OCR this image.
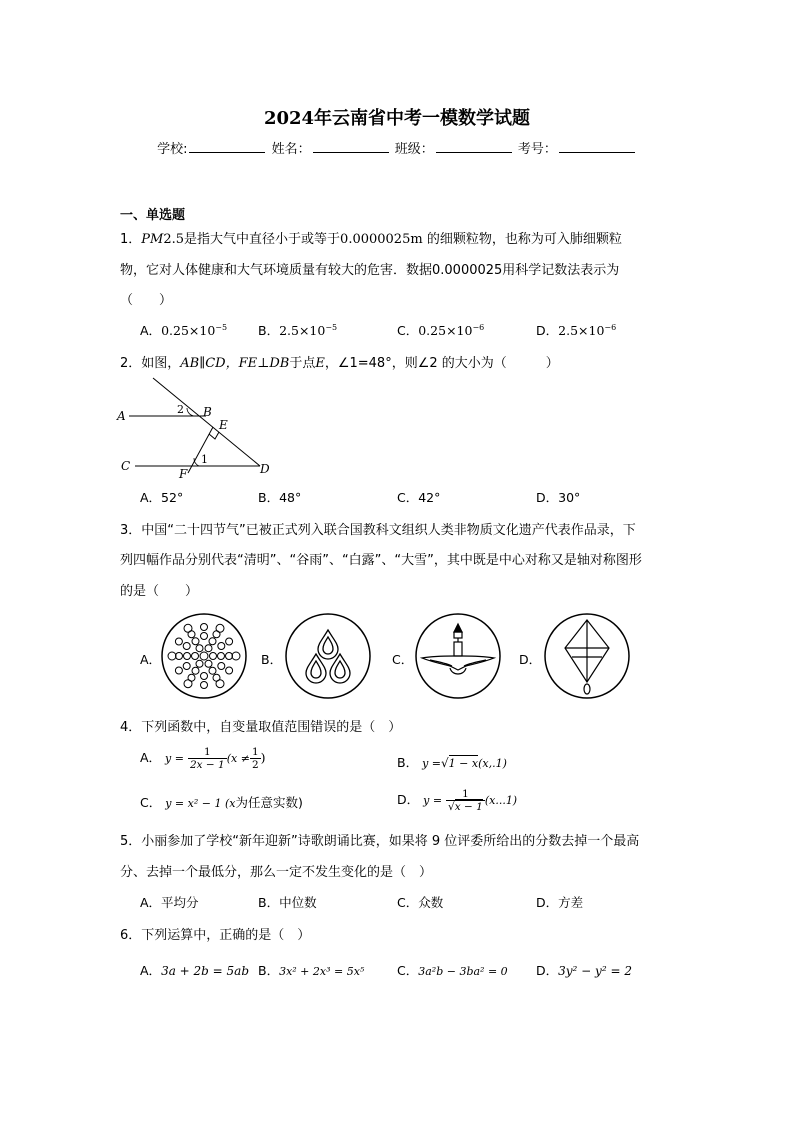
2024年云南省中考一模数学试题
学校:	姓名：	班级：	考号：
一、单选题
1．PM2.5是指大气中直径小于或等于0.0000025m 的细颗粒物，也称为可入肺细颗粒
物，它对人体健康和大气环境质量有较大的危害．数据0.0000025用科学记数法表示为
（　　）
A．$0.25\times 10^{-5}$ B．$2.5\times 10^{-5}$	C．$0.25\times 10^{-6}$	D．$2.5\times 10^{-6}$
2．如图，AB∥CD，FE⊥DB于点E，∠1=48°，则∠2 的大小为（　　　）
A	B
C	D
E
F
1
2
A．52°	B．48°	C．42°	D．30°
3．中国“二十四节气”已被正式列入联合国教科文组织人类非物质文化遗产代表作品录，下
列四幅作品分别代表“清明”、“谷雨”、“白露”、“大雪”，其中既是中心对称又是轴对称图形
的是（　　）
A．	B．	C．	D．
4．下列函数中，自变量取值范围错误的是（　）
A． $y = \frac{1}{2x - 1} (x \ne \frac{1}{2}$ )	B． y =√1 − x(x,.1)
C． y = x² − 1 (x为任意实数)	D． $y = \frac{1}{√x - 1} (x...1)$
5．小丽参加了学校“新年迎新”诗歌朗诵比赛，如果将 9 位评委所给出的分数去掉一个最高
分、去掉一个最低分，那么一定不发生变化的是（　）
A．平均分	B．中位数	C．众数	D．方差
6．下列运算中，正确的是（　）
A．3a + 2b = 5ab B．3x² + 2x³ = 5x⁵	C．3a²b − 3ba² = 0 D．3y² − y² = 2
